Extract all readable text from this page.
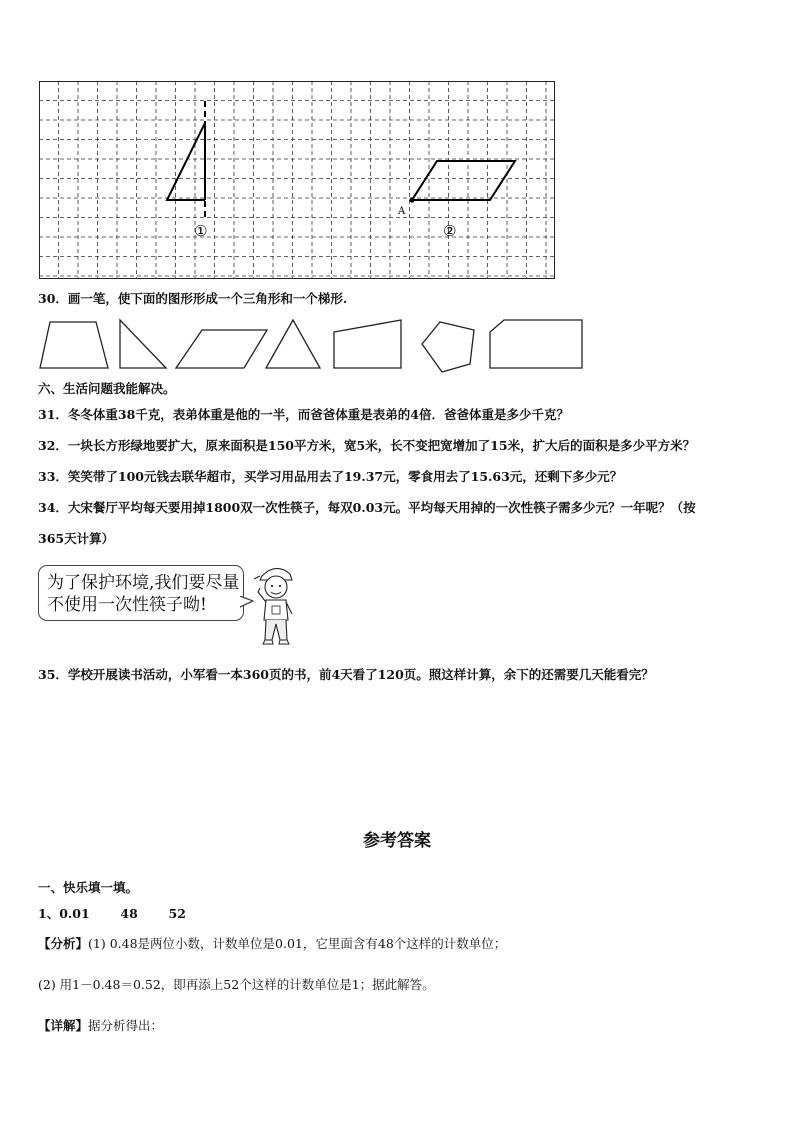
A
①	②
30．画一笔，使下面的图形形成一个三角形和一个梯形.
六、生活问题我能解决。
31．冬冬体重38千克，表弟体重是他的一半，而爸爸体重是表弟的4倍．爸爸体重是多少千克？
32．一块长方形绿地要扩大，原来面积是150平方米，宽5米，长不变把宽增加了15米，扩大后的面积是多少平方米？
33．笑笑带了100元钱去联华超市，买学习用品用去了19.37元，零食用去了15.63元，还剩下多少元？
34．大宋餐厅平均每天要用掉1800双一次性筷子，每双0.03元。平均每天用掉的一次性筷子需多少元？一年呢？（按
365天计算）
为了保护环境,我们要尽量
不使用一次性筷子呦!
35．学校开展读书活动，小军看一本360页的书，前4天看了120页。照这样计算，余下的还需要几天能看完？
参考答案
一、快乐填一填。
1、0.01 48 52
【分析】(1) 0.48是两位小数，计数单位是0.01，它里面含有48个这样的计数单位；
(2) 用1－0.48＝0.52，即再添上52个这样的计数单位是1；据此解答。
【详解】据分析得出：
